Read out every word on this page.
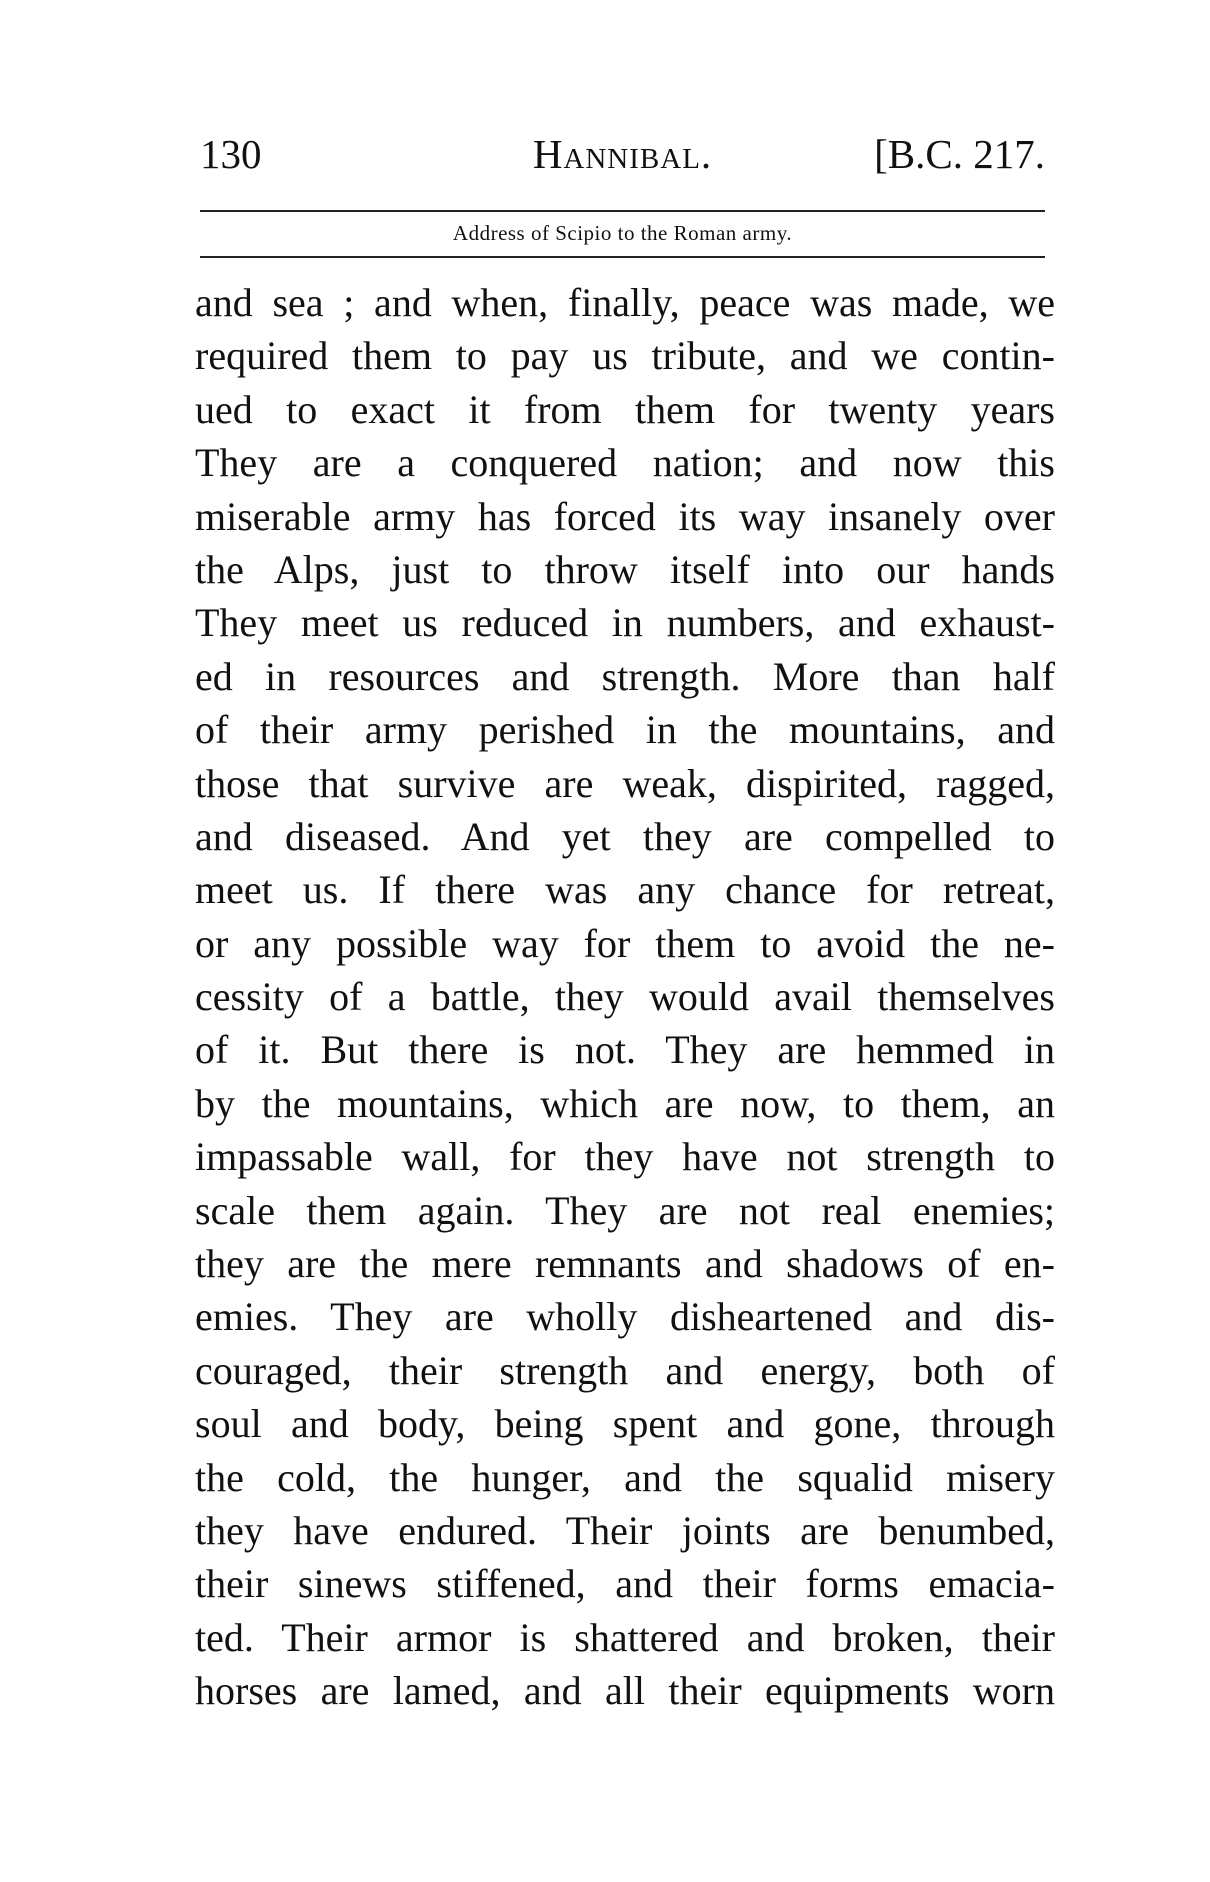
130	Hannibal.	[B.C. 217.
Address of Scipio to the Roman army.
and sea ; and when, finally, peace was made, we
required them to pay us tribute, and we contin-
ued to exact it from them for twenty years
They are a conquered nation; and now this
miserable army has forced its way insanely over
the Alps, just to throw itself into our hands
They meet us reduced in numbers, and exhaust-
ed in resources and strength. More than half
of their army perished in the mountains, and
those that survive are weak, dispirited, ragged,
and diseased. And yet they are compelled to
meet us. If there was any chance for retreat,
or any possible way for them to avoid the ne-
cessity of a battle, they would avail themselves
of it. But there is not. They are hemmed in
by the mountains, which are now, to them, an
impassable wall, for they have not strength to
scale them again. They are not real enemies;
they are the mere remnants and shadows of en-
emies. They are wholly disheartened and dis-
couraged, their strength and energy, both of
soul and body, being spent and gone, through
the cold, the hunger, and the squalid misery
they have endured. Their joints are benumbed,
their sinews stiffened, and their forms emacia-
ted. Their armor is shattered and broken, their
horses are lamed, and all their equipments worn
